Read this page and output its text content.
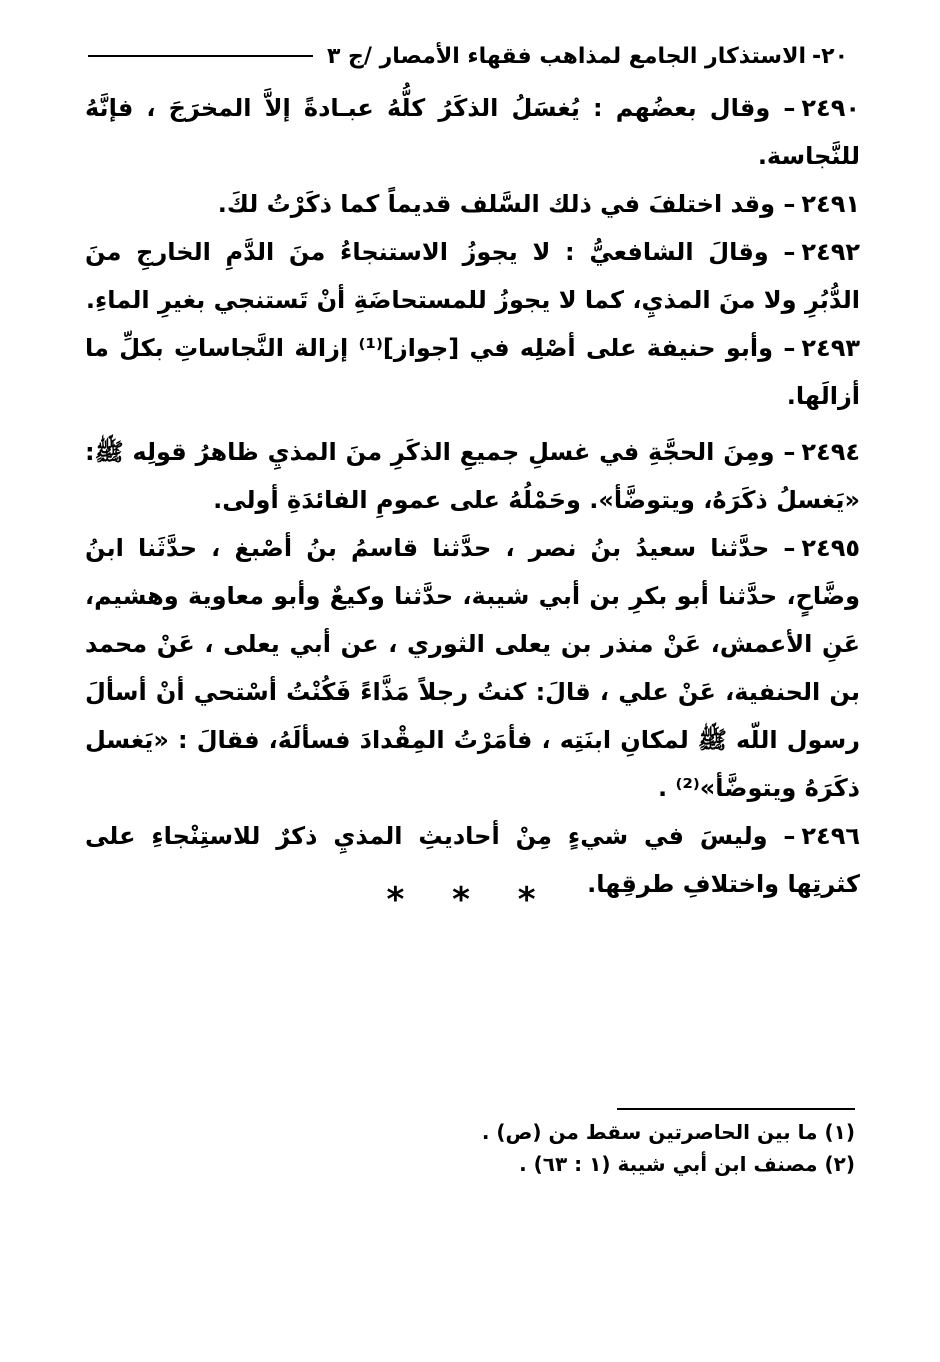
٢٠-
الاستذكار الجامع لمذاهب فقهاء الأمصار /ج ٣

٢٤٩٠– وقال بعضُهم : يُغسَلُ الذكَرُ كلُّهُ عبـادةً إلاَّ المخرَجَ ، فإنَّهُ للنَّجاسة.

٢٤٩١– وقد اختلفَ في ذلك السَّلف قديماً كما ذكَرْتُ لكَ.

٢٤٩٢– وقالَ الشافعيُّ : لا يجوزُ الاستنجاءُ منَ الدَّمِ الخارجِ منَ الدُّبُرِ ولا منَ المذيِ، كما لا يجوزُ للمستحاضَةِ أنْ تَستنجي بغيرِ الماءِ.

٢٤٩٣– وأبو حنيفة على أصْلِه في [جواز]⁽¹⁾ إزالة النَّجاساتِ بكلِّ ما أزالَها.

٢٤٩٤– ومِنَ الحجَّةِ في غسلِ جميعِ الذكَرِ منَ المذيِ ظاهرُ قولِه ﷺ: «يَغسلُ ذكَرَهُ، ويتوضَّأ». وحَمْلُهُ على عمومِ الفائدَةِ أولى.

٢٤٩٥– حدَّثنا سعيدُ بنُ نصر ، حدَّثنا قاسمُ بنُ أصْبغ ، حدَّثَنا ابنُ وضَّاحٍ، حدَّثنا أبو بكرِ بن أبي شيبة، حدَّثنا وكيعٌ وأبو معاوية وهشيم، عَنِ الأعمش، عَنْ منذر بن يعلى الثوري ، عن أبي يعلى ، عَنْ محمد بن الحنفية، عَنْ علي ، قالَ: كنتُ رجلاً مَذَّاءً فَكُنْتُ أسْتحي أنْ أسألَ رسول اللّه ﷺ لمكانِ ابنَتِه ، فأمَرْتُ المِقْدادَ فسألَهُ، فقالَ : «يَغسل ذكَرَهُ ويتوضَّأ»⁽²⁾ .

٢٤٩٦– وليسَ في شيءٍ مِنْ أحاديثِ المذيِ ذكرٌ للاستِنْجاءِ على كثرتِها واختلافِ طرقِها.

* * *
(١) ما بين الحاصرتين سقط من (ص) .
(٢) مصنف ابن أبي شيبة (١ : ٦٣) .
